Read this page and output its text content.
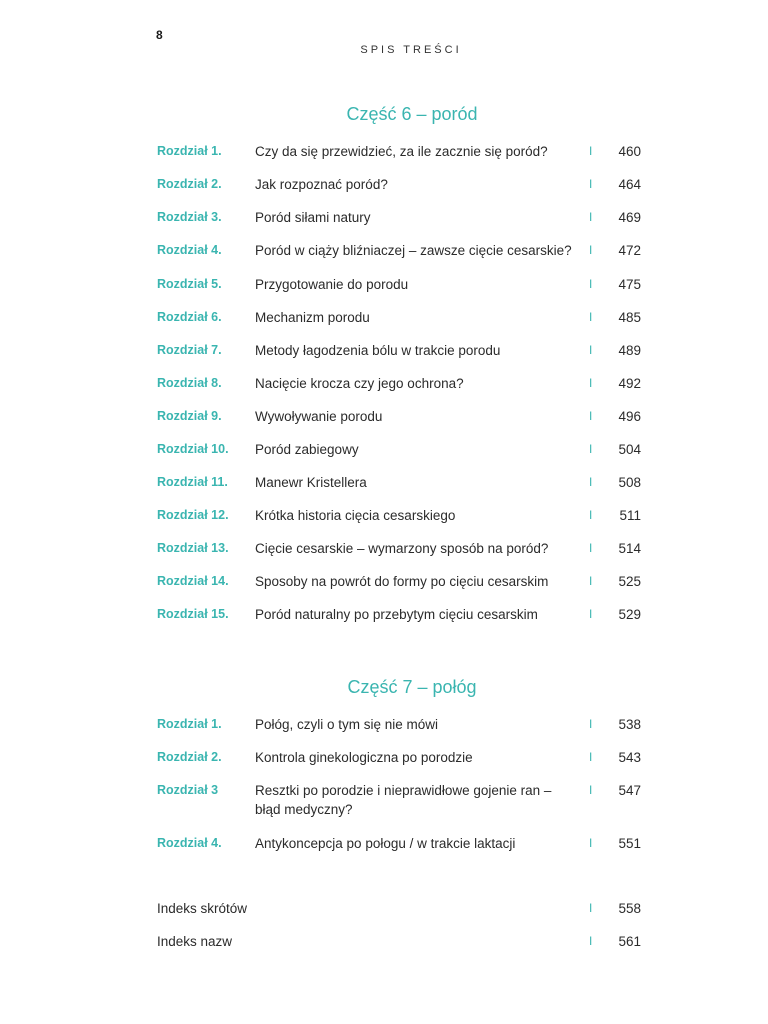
8
SPIS TREŚCI
Część 6 – poród
Rozdział 1.	Czy da się przewidzieć, za ile zacznie się poród?	I	460
Rozdział 2.	Jak rozpoznać poród?	I	464
Rozdział 3.	Poród siłami natury	I	469
Rozdział 4.	Poród w ciąży bliźniaczej – zawsze cięcie cesarskie? I	472
Rozdział 5.	Przygotowanie do porodu	I	475
Rozdział 6.	Mechanizm porodu	I	485
Rozdział 7.	Metody łagodzenia bólu w trakcie porodu	I	489
Rozdział 8.	Nacięcie krocza czy jego ochrona?	I	492
Rozdział 9.	Wywoływanie porodu	I	496
Rozdział 10.	Poród zabiegowy	I	504
Rozdział 11.	Manewr Kristellera	I	508
Rozdział 12.	Krótka historia cięcia cesarskiego	I	511
Rozdział 13.	Cięcie cesarskie – wymarzony sposób na poród?	I	514
Rozdział 14.	Sposoby na powrót do formy po cięciu cesarskim	I	525
Rozdział 15.	Poród naturalny po przebytym cięciu cesarskim	I	529
Część 7 – połóg
Rozdział 1.	Połóg, czyli o tym się nie mówi	I	538
Rozdział 2.	Kontrola ginekologiczna po porodzie	I	543
Rozdział 3	Resztki po porodzie i nieprawidłowe gojenie ran – błąd medyczny?
I	547
Rozdział 4.	Antykoncepcja po połogu / w trakcie laktacji	I	551
Indeks skrótów	I	558
Indeks nazw	I	561
